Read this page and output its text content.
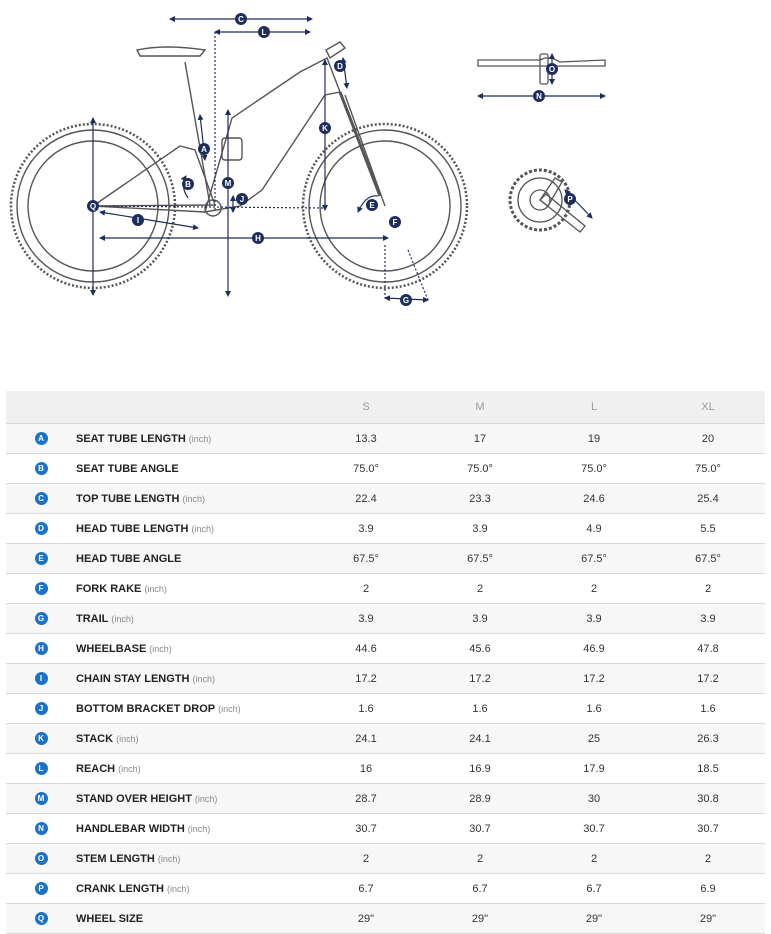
C
L
D
K
A
M
B
J
Q
I
H
E
F
G
N
O
P
		S	M	L	XL
A	SEAT TUBE LENGTH (inch)	13.3	17	19	20
B	SEAT TUBE ANGLE	75.0°	75.0°	75.0°	75.0°
C	TOP TUBE LENGTH (inch)	22.4	23.3	24.6	25.4
D	HEAD TUBE LENGTH (inch)	3.9	3.9	4.9	5.5
E	HEAD TUBE ANGLE	67.5°	67.5°	67.5°	67.5°
F	FORK RAKE (inch)	2	2	2	2
G	TRAIL (inch)	3.9	3.9	3.9	3.9
H	WHEELBASE (inch)	44.6	45.6	46.9	47.8
I	CHAIN STAY LENGTH (inch)	17.2	17.2	17.2	17.2
J	BOTTOM BRACKET DROP (inch)	1.6	1.6	1.6	1.6
K	STACK (inch)	24.1	24.1	25	26.3
L	REACH (inch)	16	16.9	17.9	18.5
M	STAND OVER HEIGHT (inch)	28.7	28.9	30	30.8
N	HANDLEBAR WIDTH (inch)	30.7	30.7	30.7	30.7
O	STEM LENGTH (inch)	2	2	2	2
P	CRANK LENGTH (inch)	6.7	6.7	6.7	6.9
Q	WHEEL SIZE	29"	29"	29"	29"
